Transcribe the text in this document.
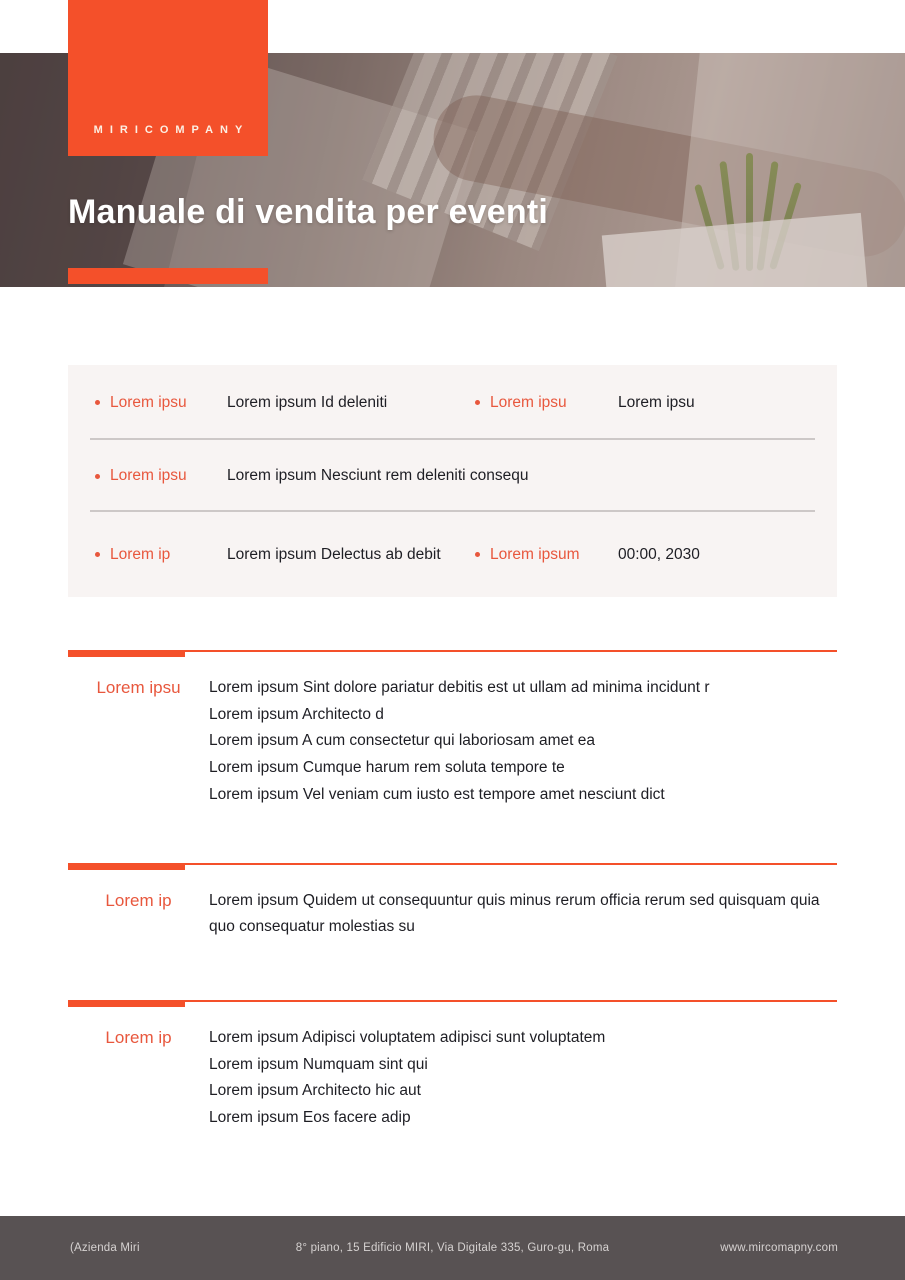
MIRICOMPANY
Manuale di vendita per eventi
Lorem ipsu	Lorem ipsum Id deleniti	Lorem ipsu	Lorem ipsu
Lorem ipsu	Lorem ipsum Nesciunt rem deleniti consequ
Lorem ip	Lorem ipsum Delectus ab debit	Lorem ipsum 00:00, 2030
Lorem ipsu	Lorem ipsum Sint dolore pariatur debitis est ut ullam ad minima incidunt r
Lorem ipsum Architecto d
Lorem ipsum A cum consectetur qui laboriosam amet ea
Lorem ipsum Cumque harum rem soluta tempore te
Lorem ipsum Vel veniam cum iusto est tempore amet nesciunt dict
Lorem ip	Lorem ipsum Quidem ut consequuntur quis minus rerum officia rerum sed quisquam quia quo consequatur molestias su
Lorem ip	Lorem ipsum Adipisci voluptatem adipisci sunt voluptatem
Lorem ipsum Numquam sint qui
Lorem ipsum Architecto hic aut
Lorem ipsum Eos facere adip
(Azienda Miri	8° piano, 15 Edificio MIRI, Via Digitale 335, Guro-gu, Roma	www.mircomapny.com
